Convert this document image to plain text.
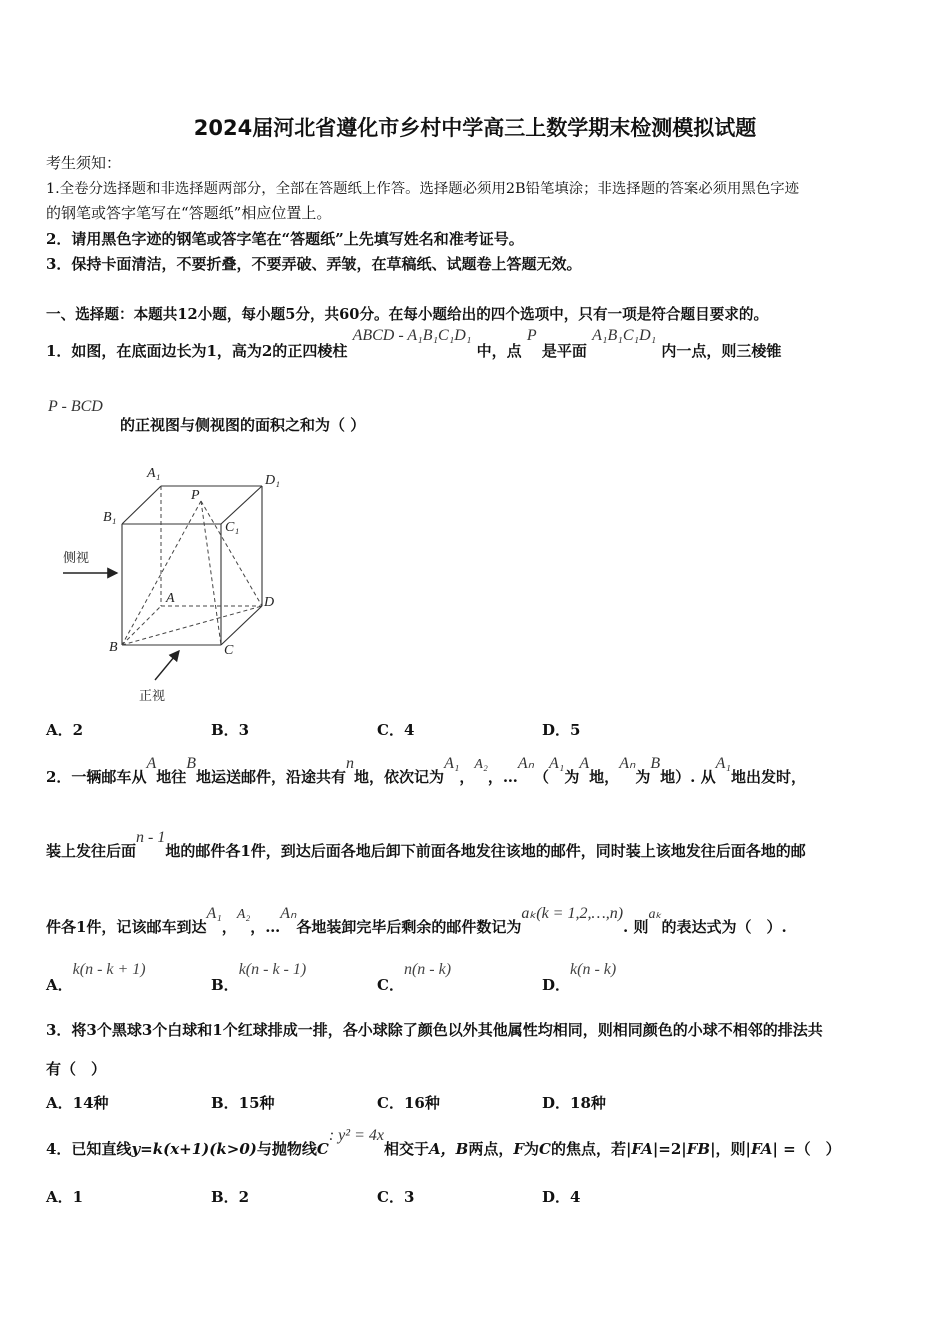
2024届河北省遵化市乡村中学高三上数学期末检测模拟试题
考生须知：
1.全卷分选择题和非选择题两部分，全部在答题纸上作答。选择题必须用2B铅笔填涂；非选择题的答案必须用黑色字迹
的钢笔或答字笔写在“答题纸”相应位置上。
2．请用黑色字迹的钢笔或答字笔在“答题纸”上先填写姓名和准考证号。
3．保持卡面清洁，不要折叠，不要弄破、弄皱，在草稿纸、试题卷上答题无效。
一、选择题：本题共12小题，每小题5分，共60分。在每小题给出的四个选项中，只有一项是符合题目要求的。
1．如图，在底面边长为1，高为2的正四棱柱 ABCD - A₁B₁C₁D₁ 中，点 P 是平面 A₁B₁C₁D₁ 内一点，则三棱锥
P - BCD
的正视图与侧视图的面积之和为（ ）
A₁	D₁
B₁
C₁
P
A	D
B	C
侧视
正视
A．2	B．3	C．4	D．5
2．一辆邮车从A地往B地运送邮件，沿途共有n地，依次记为A₁，A₂，…Aₙ（A₁为A地，Aₙ为B地）. 从A₁地出发时，
装上发往后面n - 1地的邮件各1件，到达后面各地后卸下前面各地发往该地的邮件，同时装上该地发往后面各地的邮
件各1件，记该邮车到达A₁，A₂，…Aₙ各地装卸完毕后剩余的邮件数记为aₖ(k = 1,2,…,n). 则aₖ的表达式为（　）.
A．k(n - k + 1)
B．k(n - k - 1)
C．n(n - k)
D．k(n - k)
3．将3个黑球3个白球和1个红球排成一排，各小球除了颜色以外其他属性均相同，则相同颜色的小球不相邻的排法共
有（　）
A．14种	B．15种	C．16种	D．18种
4．已知直线y=k(x+1)(k>0)与抛物线C: y² = 4x相交于A，B两点，F为C的焦点，若|FA|=2|FB|，则|FA| =（　）
A．1	B．2	C．3	D．4
